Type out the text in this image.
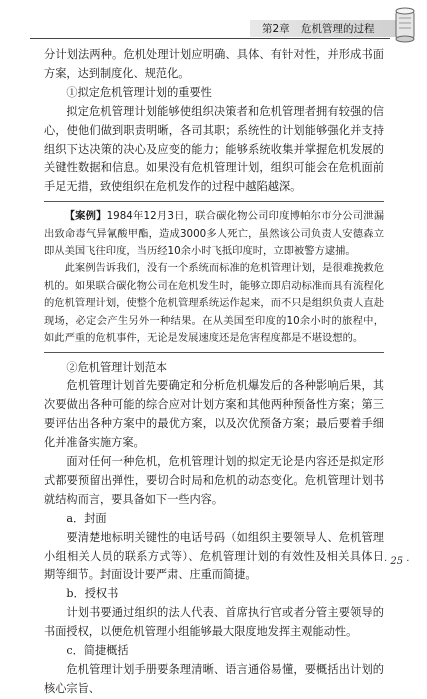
第2章 危机管理的过程

分计划法两种。危机处理计划应明确、具体、有针对性，并形成书面方案，达到制度化、规范化。

①拟定危机管理计划的重要性

拟定危机管理计划能够使组织决策者和危机管理者拥有较强的信心，使他们做到职责明晰，各司其职；系统性的计划能够强化并支持组织下达决策的决心及应变的能力；能够系统收集并掌握危机发展的关键性数据和信息。如果没有危机管理计划，组织可能会在危机面前手足无措，致使组织在危机发作的过程中越陷越深。

【案例】1984年12月3日，联合碳化物公司印度博帕尔市分公司泄漏出致命毒气异氰酸甲酯，造成3000多人死亡，虽然该公司负责人安德森立即从美国飞往印度，当历经10余小时飞抵印度时，立即被警方逮捕。

此案例告诉我们，没有一个系统而标准的危机管理计划，是很难挽救危机的。如果联合碳化物公司在危机发生时，能够立即启动标准而具有流程化的危机管理计划，使整个危机管理系统运作起来，而不只是组织负责人直赴现场，必定会产生另外一种结果。在从美国至印度的10余小时的旅程中，如此严重的危机事件，无论是发展速度还是危害程度都是不堪设想的。

②危机管理计划范本

危机管理计划首先要确定和分析危机爆发后的各种影响后果，其次要做出各种可能的综合应对计划方案和其他两种预备性方案；第三要评估出各种方案中的最优方案，以及次优预备方案；最后要着手细化并准备实施方案。

面对任何一种危机，危机管理计划的拟定无论是内容还是拟定形式都要预留出弹性，要切合时局和危机的动态变化。危机管理计划书就结构而言，要具备如下一些内容。

a．封面

要清楚地标明关键性的电话号码（如组织主要领导人、危机管理小组相关人员的联系方式等）、危机管理计划的有效性及相关具体日期等细节。封面设计要严肃、庄重而简捷。

b．授权书

计划书要通过组织的法人代表、首席执行官或者分管主要领导的书面授权，以便危机管理小组能够最大限度地发挥主观能动性。

c．简捷概括

危机管理计划手册要条理清晰、语言通俗易懂，要概括出计划的核心宗旨、

· 25 ·
